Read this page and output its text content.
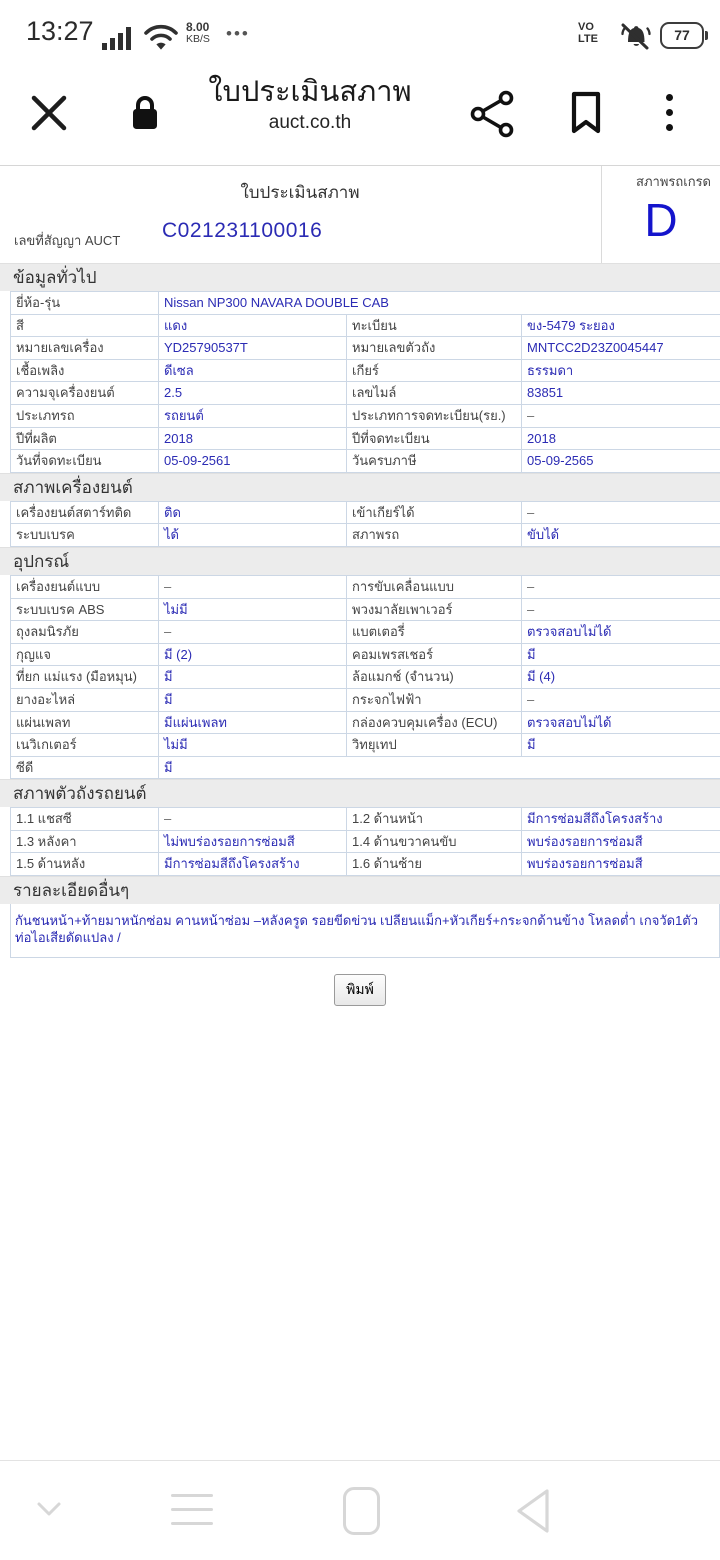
13:27	8.00
KB/S •••	VO
LTE	77
ใบประเมินสภาพ
auct.co.th
ใบประเมินสภาพ
สภาพรถเกรด
D
เลขที่สัญญา AUCT C021231100016
ข้อมูลทั่วไป
ยี่ห้อ-รุ่น	Nissan NP300 NAVARA DOUBLE CAB
สี	แดง	ทะเบียน	ขง-5479 ระยอง
หมายเลขเครื่อง	YD25790537T	หมายเลขตัวถัง	MNTCC2D23Z0045447
เชื้อเพลิง	ดีเซล	เกียร์	ธรรมดา
ความจุเครื่องยนต์	2.5	เลขไมล์	83851
ประเภทรถ	รถยนต์	ประเภทการจดทะเบียน(รย.)	–
ปีที่ผลิต	2018	ปีที่จดทะเบียน	2018
วันที่จดทะเบียน	05-09-2561	วันครบภาษี	05-09-2565
สภาพเครื่องยนต์
เครื่องยนต์สตาร์ทติด	ติด	เข้าเกียร์ได้	–
ระบบเบรค	ได้	สภาพรถ	ขับได้
อุปกรณ์
เครื่องยนต์แบบ	–	การขับเคลื่อนแบบ	–
ระบบเบรค ABS	ไม่มี	พวงมาลัยเพาเวอร์	–
ถุงลมนิรภัย	–	แบตเตอรี่	ตรวจสอบไม่ได้
กุญแจ	มี (2)	คอมเพรสเชอร์	มี
ที่ยก แม่แรง (มือหมุน)	มี	ล้อแมกช์ (จำนวน)	มี (4)
ยางอะไหล่	มี	กระจกไฟฟ้า	–
แผ่นเพลท	มีแผ่นเพลท	กล่องควบคุมเครื่อง (ECU)	ตรวจสอบไม่ได้
เนวิเกเตอร์	ไม่มี	วิทยุเทป	มี
ซีดี	มี
สภาพตัวถังรถยนต์
1.1 แชสซี	–	1.2 ด้านหน้า	มีการซ่อมสีถึงโครงสร้าง
1.3 หลังคา	ไม่พบร่องรอยการซ่อมสี	1.4 ด้านขวาคนขับ	พบร่องรอยการซ่อมสี
1.5 ด้านหลัง	มีการซ่อมสีถึงโครงสร้าง	1.6 ด้านซ้าย	พบร่องรอยการซ่อมสี
รายละเอียดอื่นๆ
กันชนหน้า+ท้ายมาหนักซ่อม คานหน้าซ่อม –หลังครูด รอยขีดข่วน เปลียนแม็ก+หัวเกียร์+กระจกด้านข้าง โหลดต่ำ เกจวัด1ตัว ท่อไอเสียดัดแปลง /
พิมพ์
